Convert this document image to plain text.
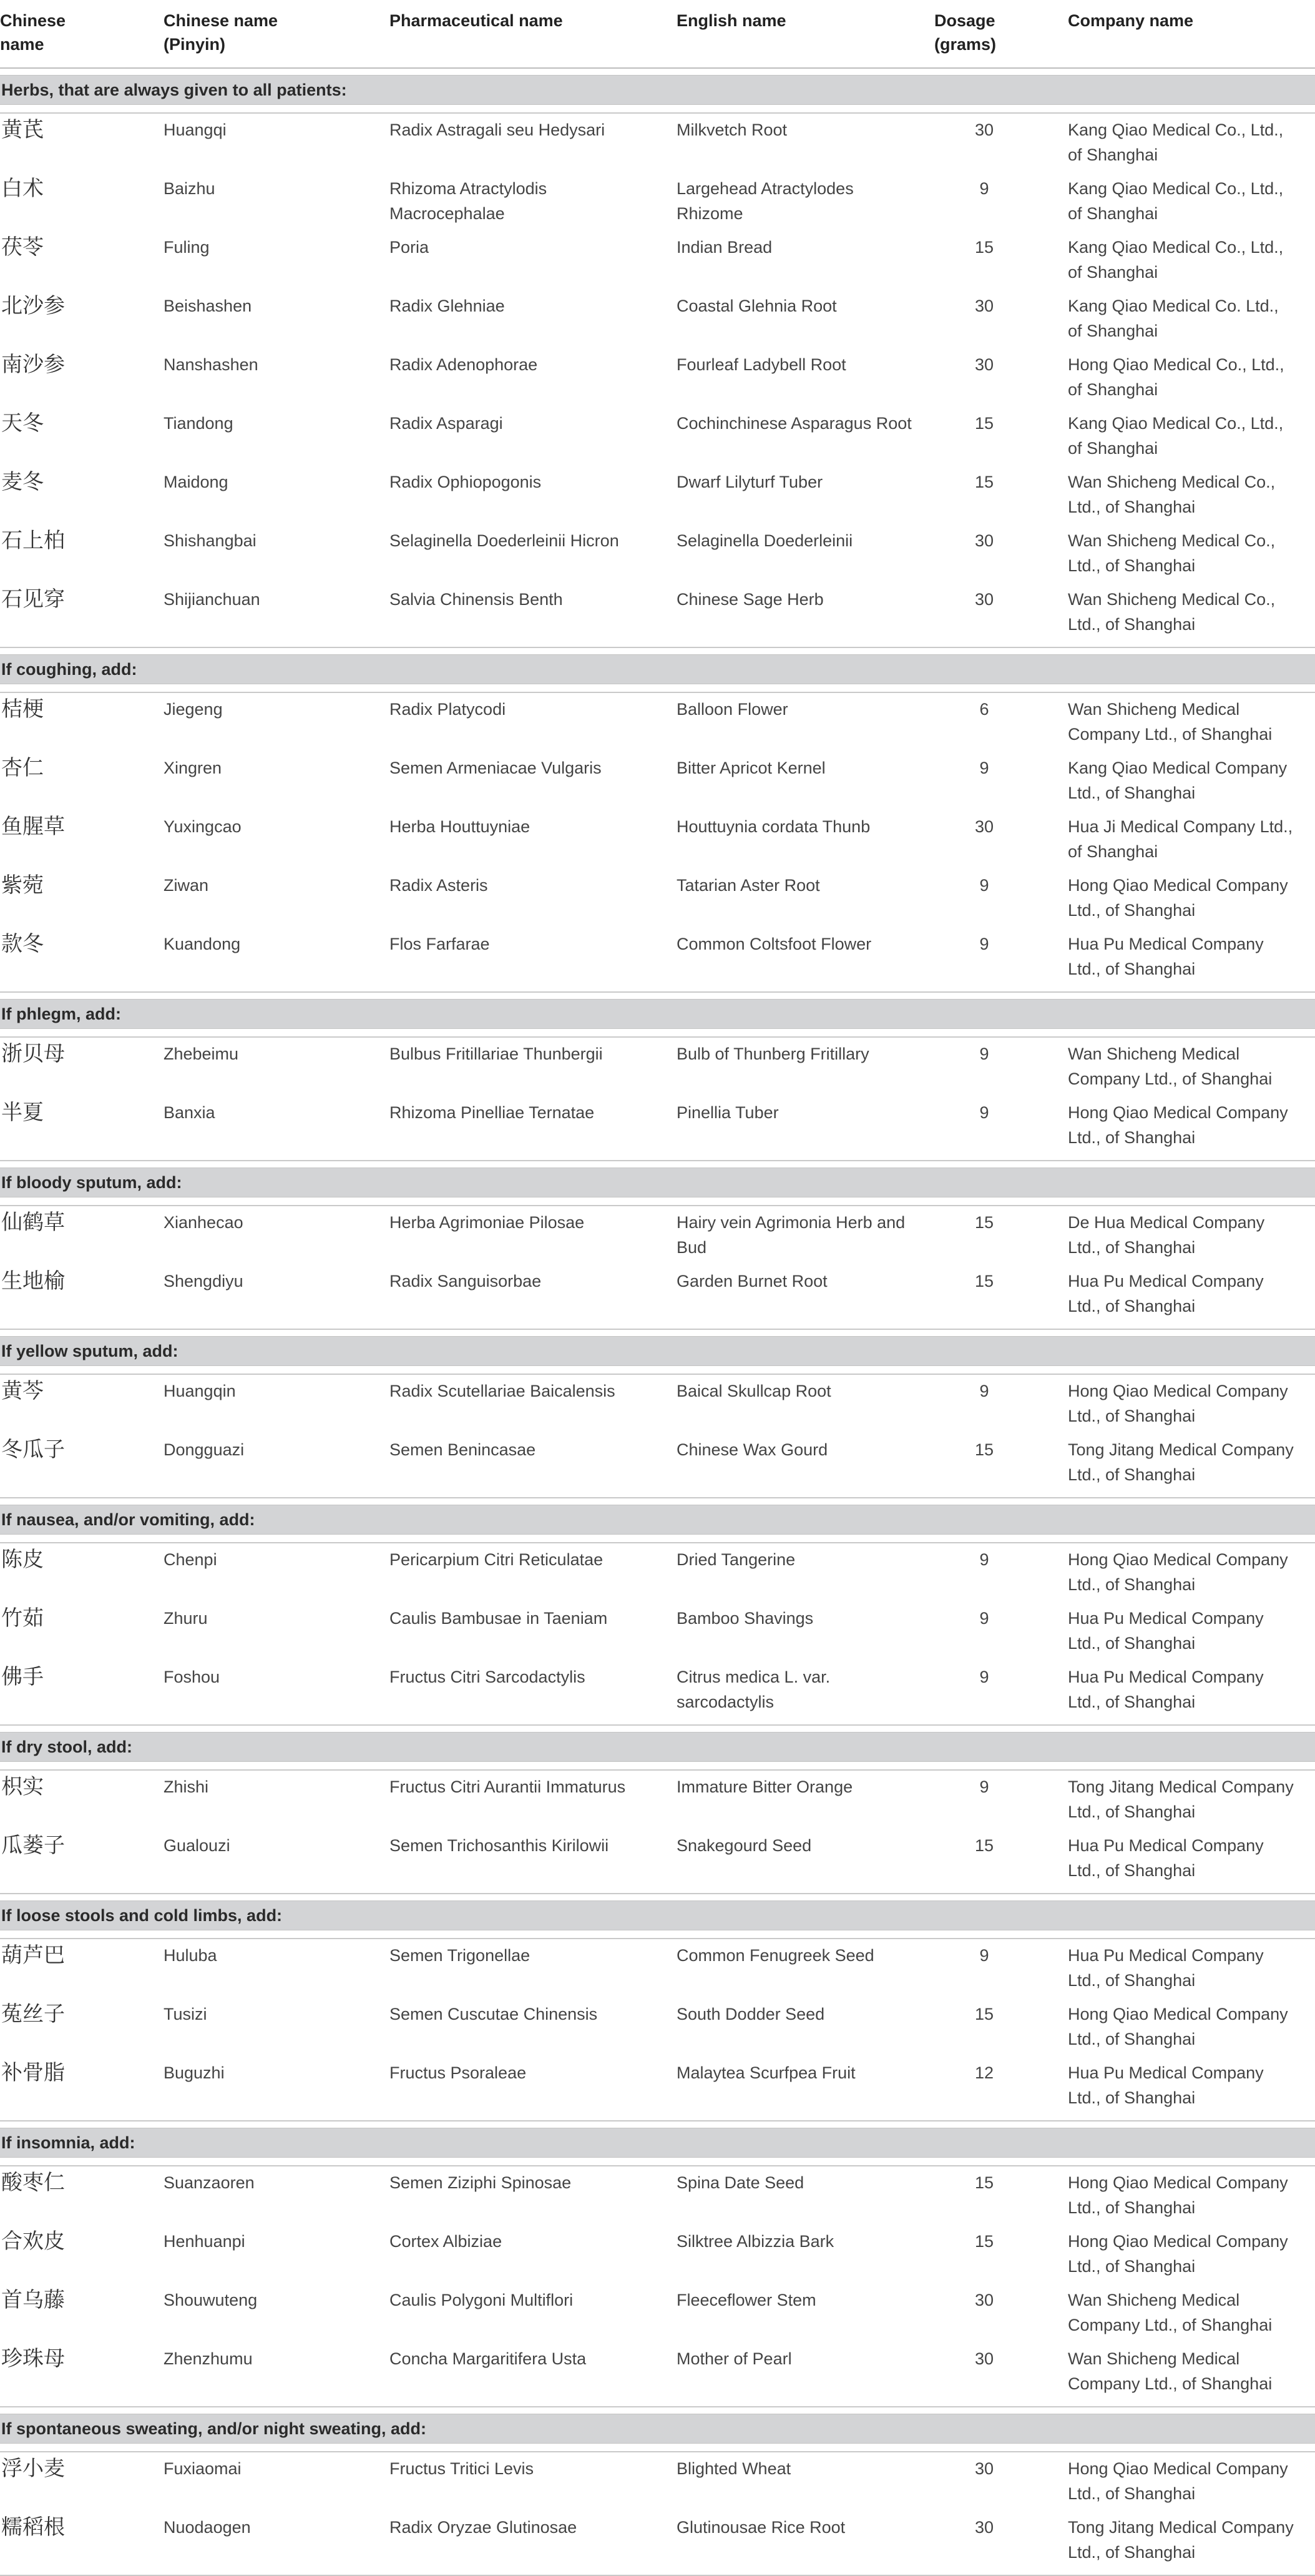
Chinese name	Chinese name (Pinyin)	Pharmaceutical name	English name	Dosage (grams)	Company name

Herbs, that are always given to all patients:					

黄芪	Huangqi	Radix Astragali seu Hedysari	Milkvetch Root	30	Kang Qiao Medical Co., Ltd., of Shanghai
白术	Baizhu	Rhizoma Atractylodis Macrocephalae	Largehead Atractylodes Rhizome	9	Kang Qiao Medical Co., Ltd., of Shanghai
茯苓	Fuling	Poria	Indian Bread	15	Kang Qiao Medical Co., Ltd., of Shanghai
北沙参	Beishashen	Radix Glehniae	Coastal Glehnia Root	30	Kang Qiao Medical Co. Ltd., of Shanghai
南沙参	Nanshashen	Radix Adenophorae	Fourleaf Ladybell Root	30	Hong Qiao Medical Co., Ltd., of Shanghai
天冬	Tiandong	Radix Asparagi	Cochinchinese Asparagus Root	15	Kang Qiao Medical Co., Ltd., of Shanghai
麦冬	Maidong	Radix Ophiopogonis	Dwarf Lilyturf Tuber	15	Wan Shicheng Medical Co., Ltd., of Shanghai
石上柏	Shishangbai	Selaginella Doederleinii Hicron	Selaginella Doederleinii	30	Wan Shicheng Medical Co., Ltd., of Shanghai
石见穿	Shijianchuan	Salvia Chinensis Benth	Chinese Sage Herb	30	Wan Shicheng Medical Co., Ltd., of Shanghai

If coughing, add:					

桔梗	Jiegeng	Radix Platycodi	Balloon Flower	6	Wan Shicheng Medical Company Ltd., of Shanghai
杏仁	Xingren	Semen Armeniacae Vulgaris	Bitter Apricot Kernel	9	Kang Qiao Medical Company Ltd., of Shanghai
鱼腥草	Yuxingcao	Herba Houttuyniae	Houttuynia cordata Thunb	30	Hua Ji Medical Company Ltd., of Shanghai
紫菀	Ziwan	Radix Asteris	Tatarian Aster Root	9	Hong Qiao Medical Company Ltd., of Shanghai
款冬	Kuandong	Flos Farfarae	Common Coltsfoot Flower	9	Hua Pu Medical Company Ltd., of Shanghai

If phlegm, add:					

浙贝母	Zhebeimu	Bulbus Fritillariae Thunbergii	Bulb of Thunberg Fritillary	9	Wan Shicheng Medical Company Ltd., of Shanghai
半夏	Banxia	Rhizoma Pinelliae Ternatae	Pinellia Tuber	9	Hong Qiao Medical Company Ltd., of Shanghai

If bloody sputum, add:					

仙鹤草	Xianhecao	Herba Agrimoniae Pilosae	Hairy vein Agrimonia Herb and Bud	15	De Hua Medical Company Ltd., of Shanghai
生地榆	Shengdiyu	Radix Sanguisorbae	Garden Burnet Root	15	Hua Pu Medical Company Ltd., of Shanghai

If yellow sputum, add:					

黄芩	Huangqin	Radix Scutellariae Baicalensis	Baical Skullcap Root	9	Hong Qiao Medical Company Ltd., of Shanghai
冬瓜子	Dongguazi	Semen Benincasae	Chinese Wax Gourd	15	Tong Jitang Medical Company Ltd., of Shanghai

If nausea, and/or vomiting, add:					

陈皮	Chenpi	Pericarpium Citri Reticulatae	Dried Tangerine	9	Hong Qiao Medical Company Ltd., of Shanghai
竹茹	Zhuru	Caulis Bambusae in Taeniam	Bamboo Shavings	9	Hua Pu Medical Company Ltd., of Shanghai
佛手	Foshou	Fructus Citri Sarcodactylis	Citrus medica L. var. sarcodactylis	9	Hua Pu Medical Company Ltd., of Shanghai

If dry stool, add:					

枳实	Zhishi	Fructus Citri Aurantii Immaturus	Immature Bitter Orange	9	Tong Jitang Medical Company Ltd., of Shanghai
瓜蒌子	Gualouzi	Semen Trichosanthis Kirilowii	Snakegourd Seed	15	Hua Pu Medical Company Ltd., of Shanghai

If loose stools and cold limbs, add:					

葫芦巴	Huluba	Semen Trigonellae	Common Fenugreek Seed	9	Hua Pu Medical Company Ltd., of Shanghai
菟丝子	Tusizi	Semen Cuscutae Chinensis	South Dodder Seed	15	Hong Qiao Medical Company Ltd., of Shanghai
补骨脂	Buguzhi	Fructus Psoraleae	Malaytea Scurfpea Fruit	12	Hua Pu Medical Company Ltd., of Shanghai

If insomnia, add:					

酸枣仁	Suanzaoren	Semen Ziziphi Spinosae	Spina Date Seed	15	Hong Qiao Medical Company Ltd., of Shanghai
合欢皮	Henhuanpi	Cortex Albiziae	Silktree Albizzia Bark	15	Hong Qiao Medical Company Ltd., of Shanghai
首乌藤	Shouwuteng	Caulis Polygoni Multiflori	Fleeceflower Stem	30	Wan Shicheng Medical Company Ltd., of Shanghai
珍珠母	Zhenzhumu	Concha Margaritifera Usta	Mother of Pearl	30	Wan Shicheng Medical Company Ltd., of Shanghai

If spontaneous sweating, and/or night sweating, add:					

浮小麦	Fuxiaomai	Fructus Tritici Levis	Blighted Wheat	30	Hong Qiao Medical Company Ltd., of Shanghai
糯稻根	Nuodaogen	Radix Oryzae Glutinosae	Glutinousae Rice Root	30	Tong Jitang Medical Company Ltd., of Shanghai
